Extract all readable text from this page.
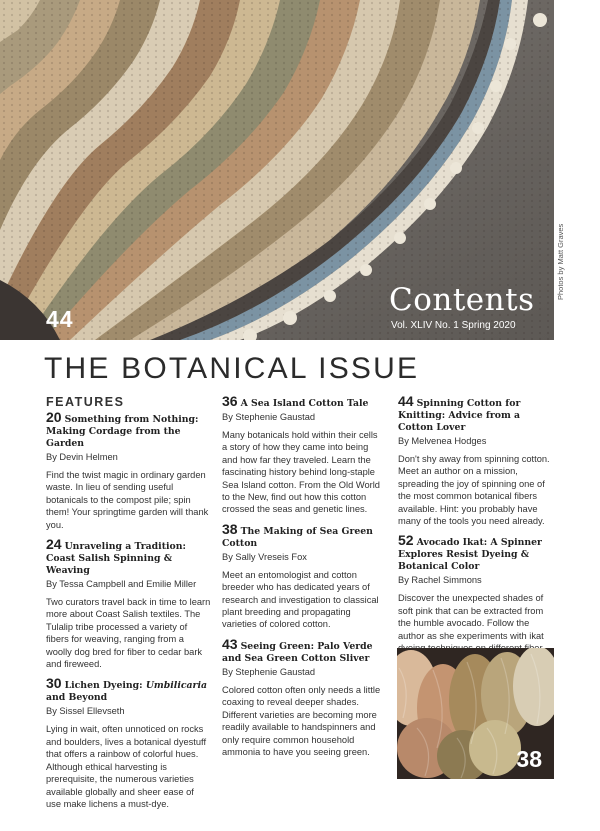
44
Contents
Vol. XLIV No. 1 Spring 2020
Photos by Matt Graves
THE BOTANICAL ISSUE
FEATURES
20 Something from Nothing: Making Cordage from the Garden
By Devin Helmen
Find the twist magic in ordinary garden waste. In lieu of sending useful botanicals to the compost pile; spin them! Your springtime garden will thank you.
24 Unraveling a Tradition: Coast Salish Spinning & Weaving
By Tessa Campbell and Emilie Miller
Two curators travel back in time to learn more about Coast Salish textiles. The Tulalip tribe processed a variety of fibers for weaving, ranging from a woolly dog bred for fiber to cedar bark and fireweed.
30 Lichen Dyeing: Umbilicaria and Beyond
By Sissel Ellevseth
Lying in wait, often unnoticed on rocks and boulders, lives a botanical dyestuff that offers a rainbow of colorful hues. Although ethical harvesting is prerequisite, the numerous varieties available globally and sheer ease of use make lichens a must-dye.
36 A Sea Island Cotton Tale
By Stephenie Gaustad
Many botanicals hold within their cells a story of how they came into being and how far they traveled. Learn the fascinating history behind long-staple Sea Island cotton. From the Old World to the New, find out how this cotton crossed the seas and genetic lines.
38 The Making of Sea Green Cotton
By Sally Vreseis Fox
Meet an entomologist and cotton breeder who has dedicated years of research and investigation to classical plant breeding and propagating varieties of colored cotton.
43 Seeing Green: Palo Verde and Sea Green Cotton Sliver
By Stephenie Gaustad
Colored cotton often only needs a little coaxing to reveal deeper shades. Different varieties are becoming more readily available to handspinners and only require common household ammonia to have you seeing green.
44 Spinning Cotton for Knitting: Advice from a Cotton Lover
By Melvenea Hodges
Don't shy away from spinning cotton. Meet an author on a mission, spreading the joy of spinning one of the most common botanical fibers available. Hint: you probably have many of the tools you need already.
52 Avocado Ikat: A Spinner Explores Resist Dyeing & Botanical Color
By Rachel Simmons
Discover the unexpected shades of soft pink that can be extracted from the humble avocado. Follow the author as she experiments with ikat
38
